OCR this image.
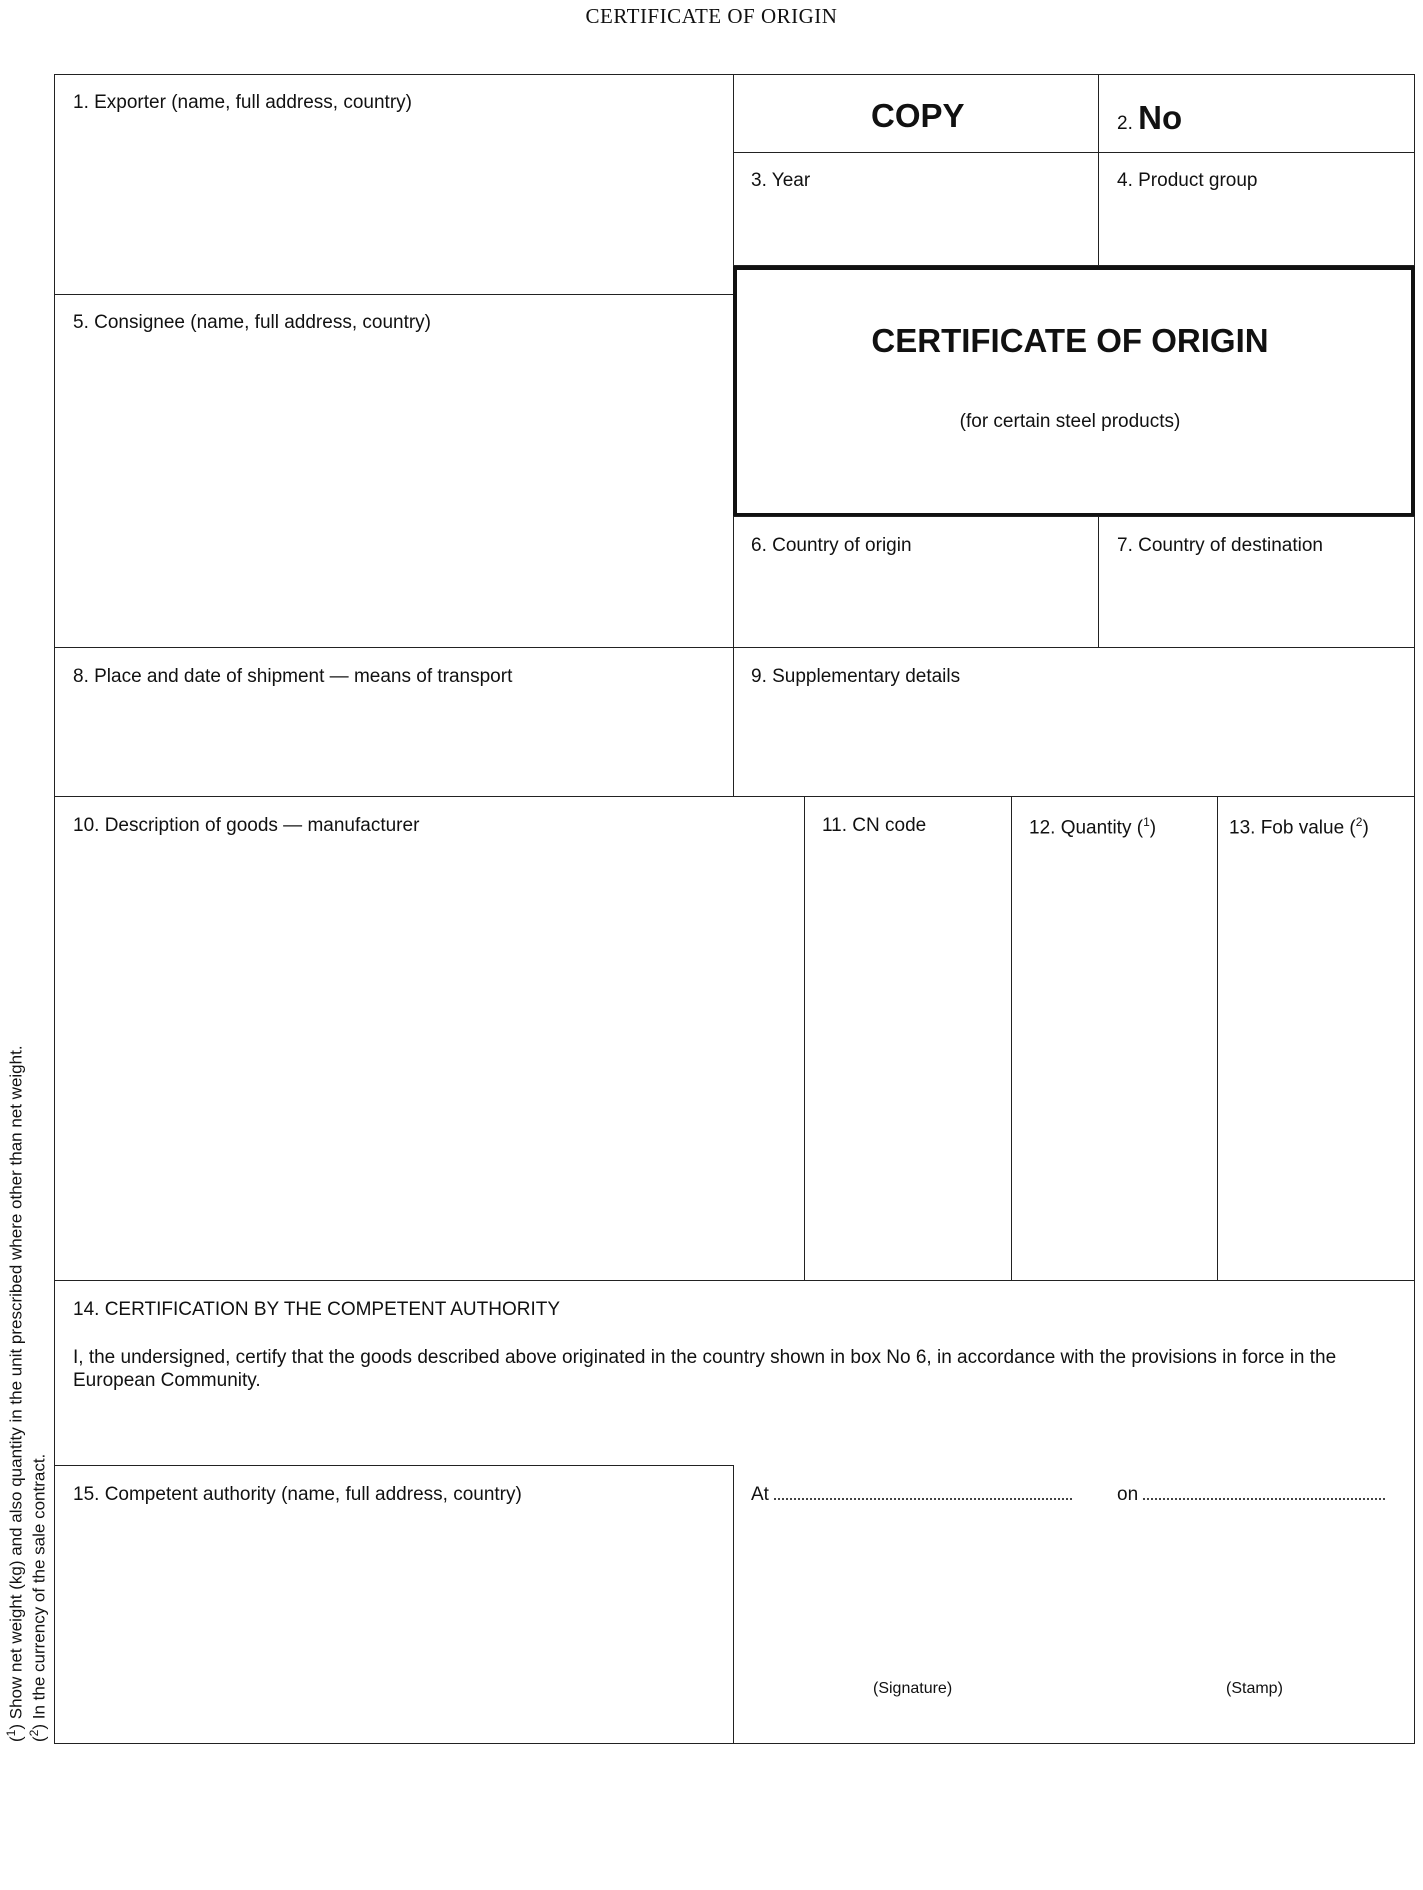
CERTIFICATE OF ORIGIN
1. Exporter (name, full address, country)	COPY	2. No
3. Year	4. Product group
5. Consignee (name, full address, country)	CERTIFICATE OF ORIGIN
(for certain steel products)
6. Country of origin	7. Country of destination
8. Place and date of shipment — means of transport	9. Supplementary details
10. Description of goods — manufacturer	11. CN code	12. Quantity ($^1$)	13. Fob value ($^2$)
14. CERTIFICATION BY THE COMPETENT AUTHORITY
I, the undersigned, certify that the goods described above originated in the country shown in box No 6, in accordance with the provisions in force in the European Community.
15. Competent authority (name, full address, country)	At	on
(Signature)	(Stamp)
($^1$) Show net weight (kg) and also quantity in the unit prescribed where other than net weight.
($^2$) In the currency of the sale contract.
